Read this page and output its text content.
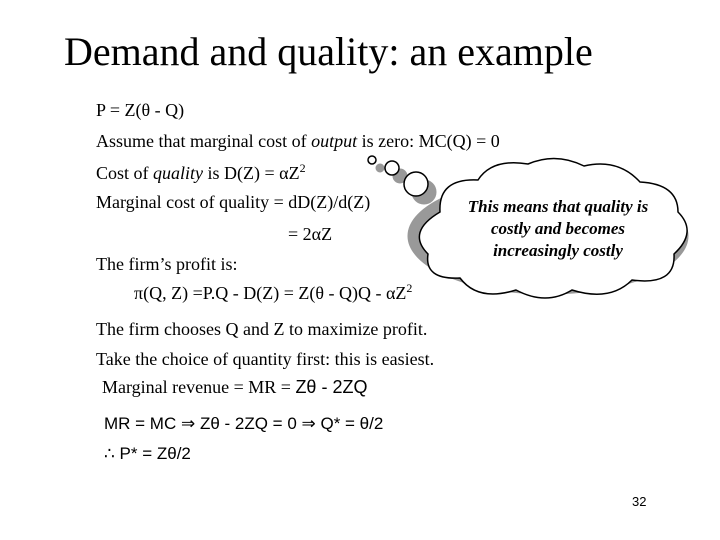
Demand and quality: an example
P = Z(θ - Q)
Assume that marginal cost of output is zero: MC(Q) = 0
Cost of quality is $D(Z) = \alpha Z^2$
Marginal cost of quality = dD(Z)/d(Z)
= 2αZ
The firm’s profit is:
π(Q, $Z) =P.Q - D(Z) = Z(\theta - Q)Q - \alpha Z^2$
The firm chooses Q and Z to maximize profit.
Take the choice of quantity first: this is easiest.
Marginal revenue = MR = Zθ - 2ZQ
MR = MC ⇒ Zθ - 2ZQ = 0 ⇒ Q* = θ/2
∴ P* = Zθ/2
This means that quality is
costly and becomes
increasingly costly
32
